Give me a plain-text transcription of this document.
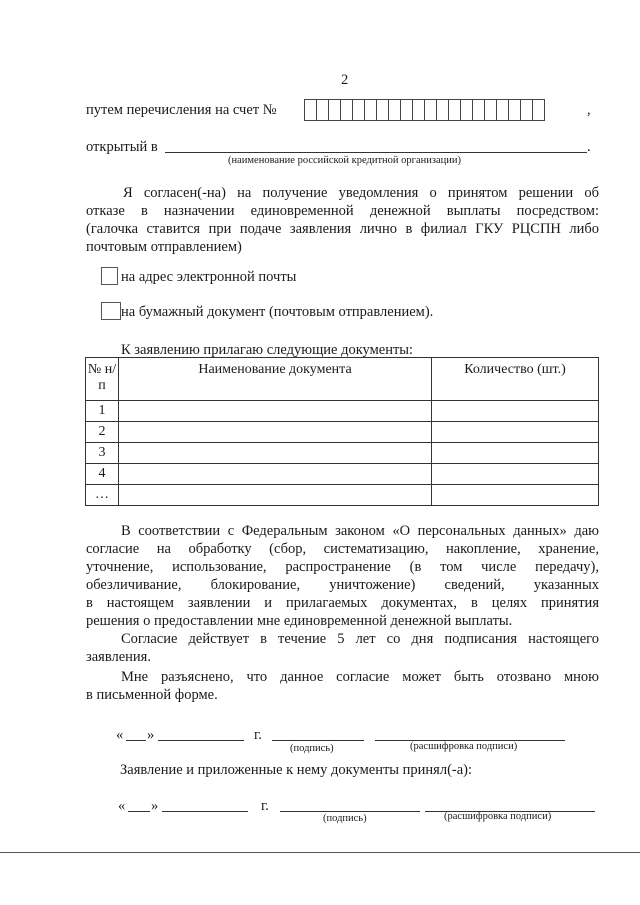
2
путем перечисления на счет №	,
открытый в	.
(наименование российской кредитной организации)
Я согласен(-на) на получение уведомления о принятом решении об
отказе в назначении единовременной денежной выплаты посредством:
(галочка ставится при подаче заявления лично в филиал ГКУ РЦСПН либо
почтовым отправлением)
на адрес электронной почты
на бумажный документ (почтовым отправлением).
К заявлению прилагаю следующие документы:
№ н/п	Наименование документа	Количество (шт.)
1		
2		
3		
4		
…		
В соответствии с Федеральным законом «О персональных данных» даю
согласие на обработку (сбор, систематизацию, накопление, хранение,
уточнение, использование, распространение (в том числе передачу),
обезличивание, блокирование, уничтожение) сведений, указанных
в настоящем заявлении и прилагаемых документах, в целях принятия
решения о предоставлении мне единовременной денежной выплаты.
Согласие действует в течение 5 лет со дня подписания настоящего
заявления.
Мне разъяснено, что данное согласие может быть отозвано мною
в письменной форме.
« »	г.
(подпись)	(расшифровка подписи)
Заявление и приложенные к нему документы принял(-а):
« »	г.
(подпись)	(расшифровка подписи)
